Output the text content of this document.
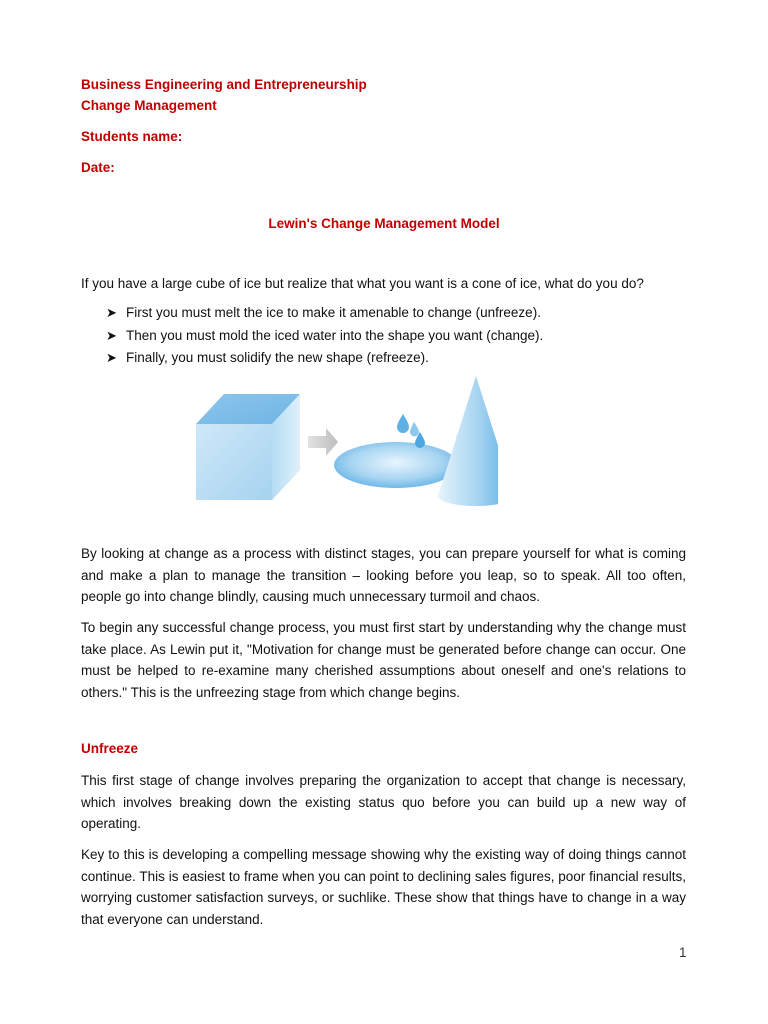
Business Engineering and Entrepreneurship
Change Management
Students name:
Date:
Lewin's Change Management Model
If you have a large cube of ice but realize that what you want is a cone of ice, what do you do?
➤ First you must melt the ice to make it amenable to change (unfreeze).
➤ Then you must mold the iced water into the shape you want (change).
➤ Finally, you must solidify the new shape (refreeze).
By looking at change as a process with distinct stages, you can prepare yourself for what is coming and make a plan to manage the transition – looking before you leap, so to speak. All too often, people go into change blindly, causing much unnecessary turmoil and chaos.
To begin any successful change process, you must first start by understanding why the change must take place. As Lewin put it, "Motivation for change must be generated before change can occur. One must be helped to re-examine many cherished assumptions about oneself and one's relations to others." This is the unfreezing stage from which change begins.
Unfreeze
This first stage of change involves preparing the organization to accept that change is necessary, which involves breaking down the existing status quo before you can build up a new way of operating.
Key to this is developing a compelling message showing why the existing way of doing things cannot continue. This is easiest to frame when you can point to declining sales figures, poor financial results, worrying customer satisfaction surveys, or suchlike. These show that things have to change in a way that everyone can understand.
1
